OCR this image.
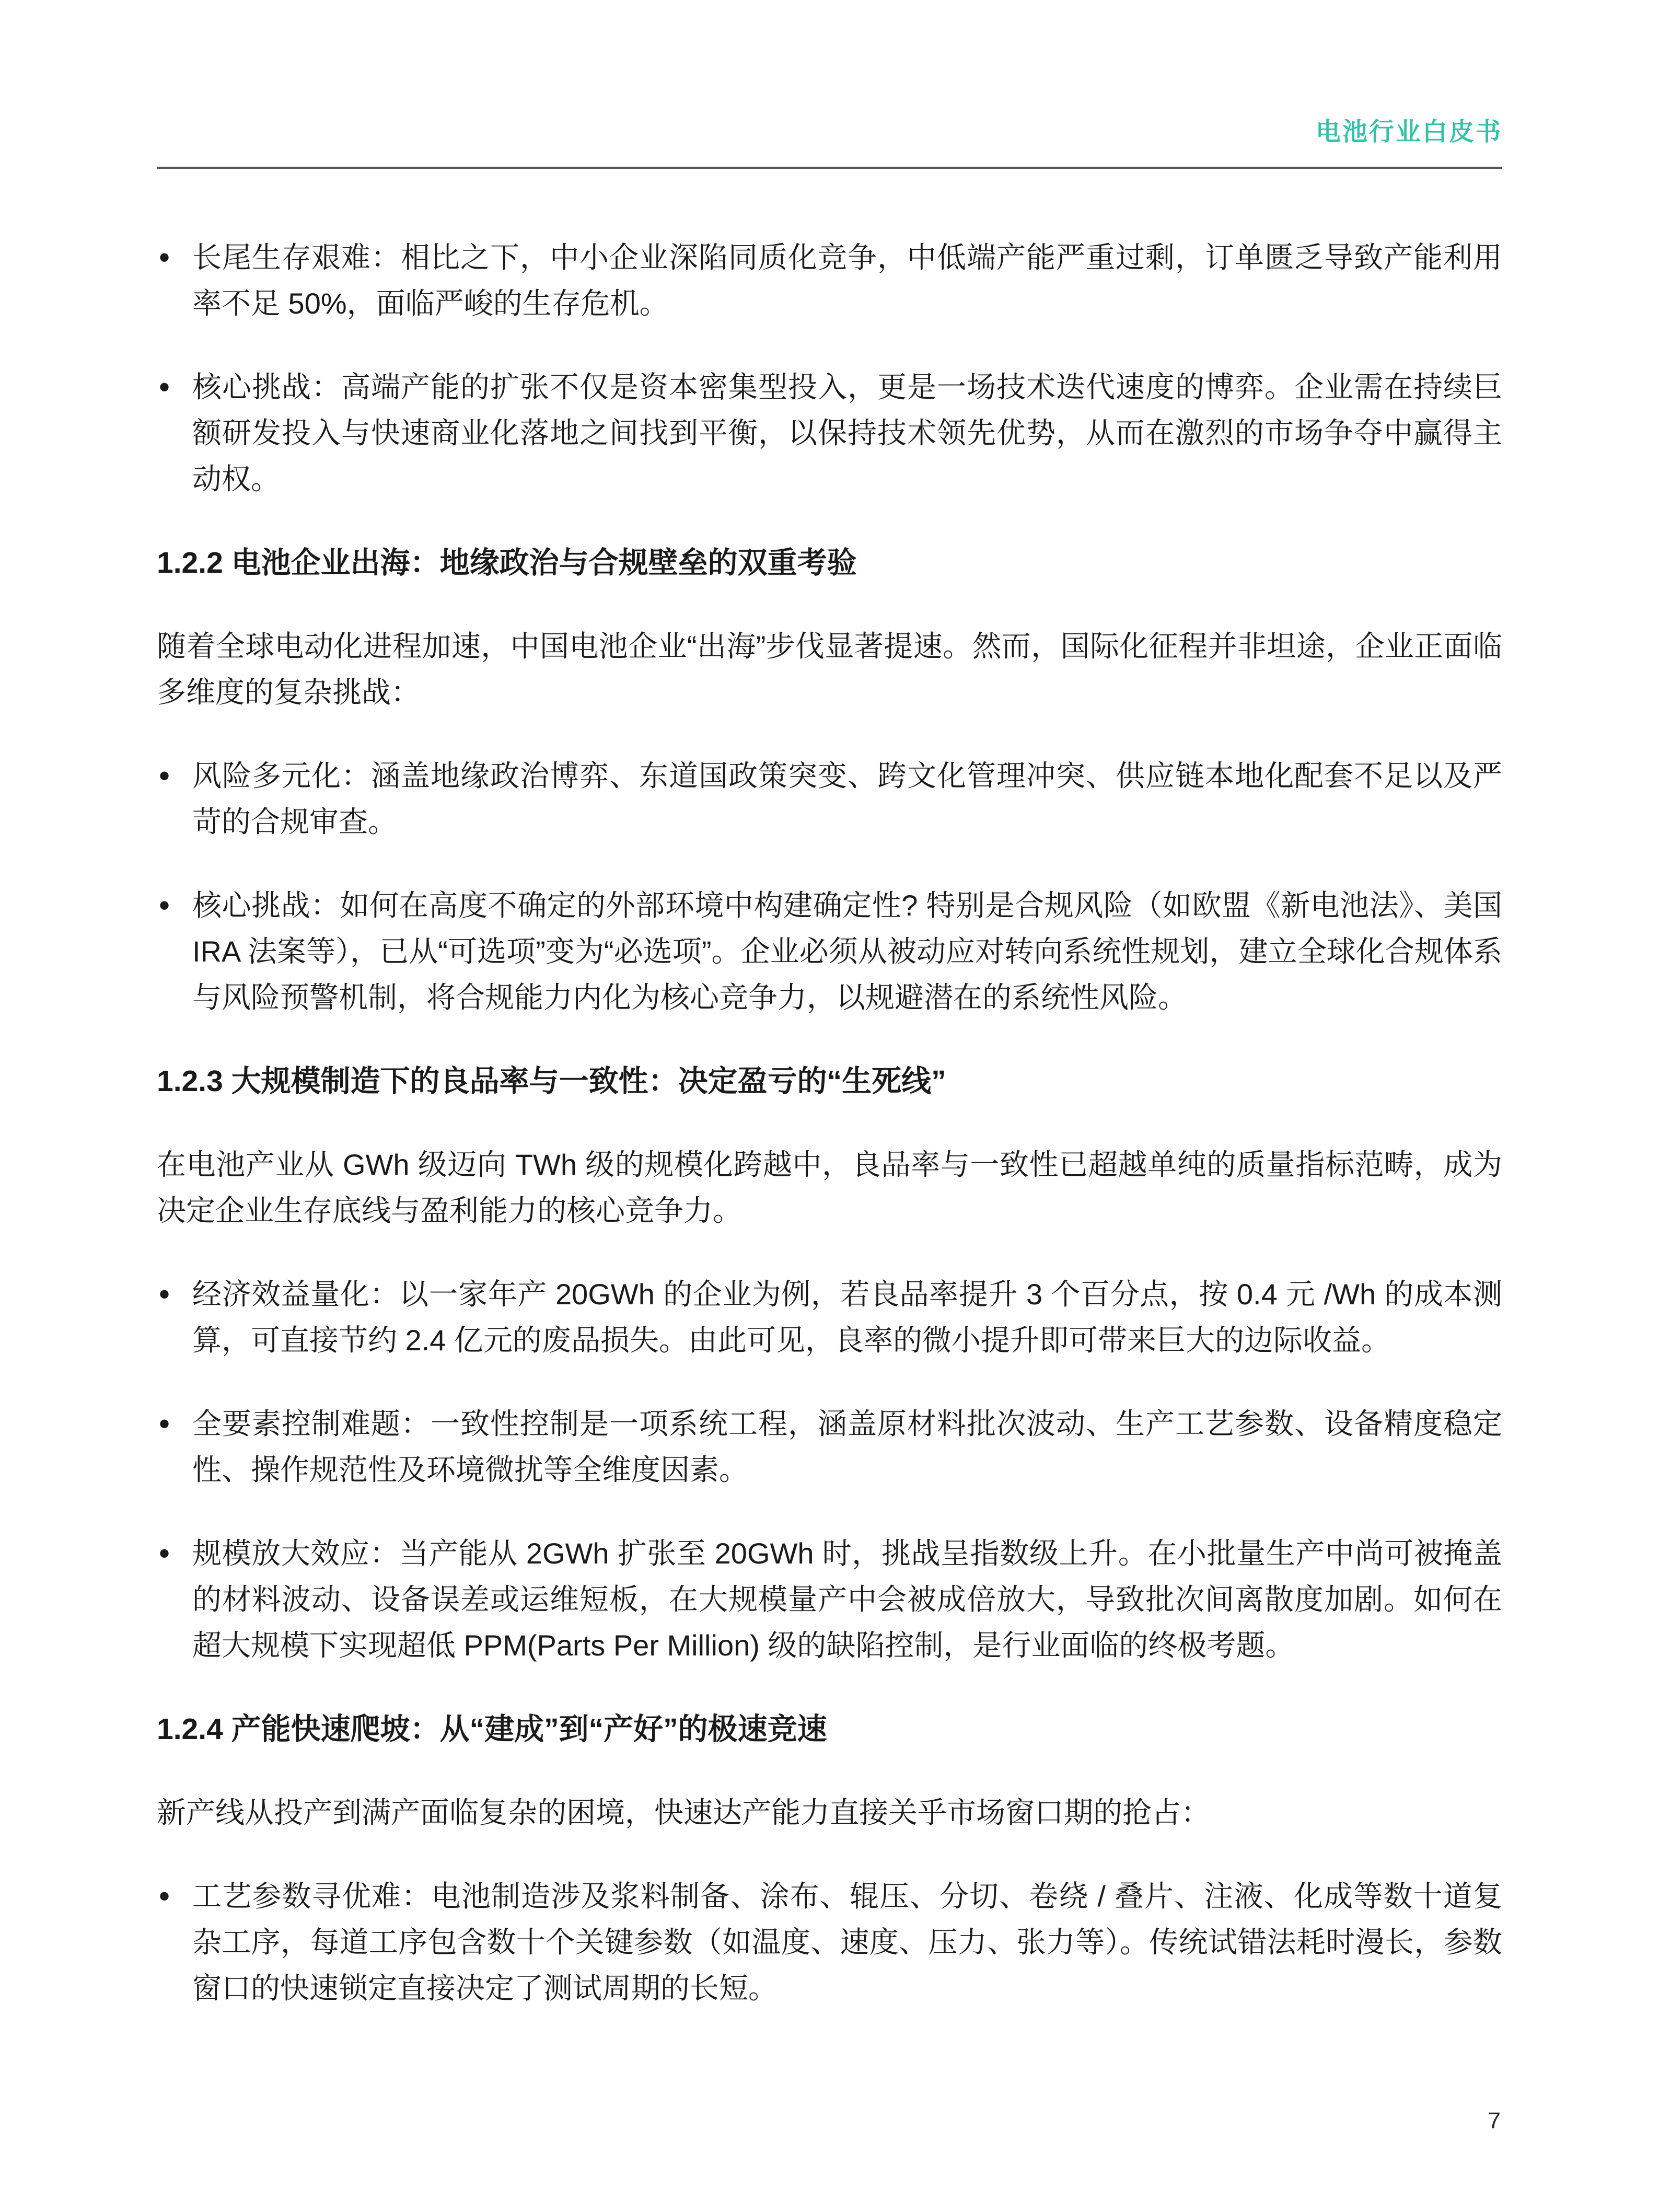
电池行业白皮书
• 长尾生存艰难：相比之下，中小企业深陷同质化竞争，中低端产能严重过剩，订单匮乏导致产能利用率不足 50%，面临严峻的生存危机。
• 核心挑战：高端产能的扩张不仅是资本密集型投入，更是一场技术迭代速度的博弈。企业需在持续巨额研发投入与快速商业化落地之间找到平衡，以保持技术领先优势，从而在激烈的市场争夺中赢得主动权。
1.2.2 电池企业出海：地缘政治与合规壁垒的双重考验

随着全球电动化进程加速，中国电池企业“出海”步伐显著提速。然而，国际化征程并非坦途，企业正面临多维度的复杂挑战：

• 风险多元化：涵盖地缘政治博弈、东道国政策突变、跨文化管理冲突、供应链本地化配套不足以及严苛的合规审查。
• 核心挑战：如何在高度不确定的外部环境中构建确定性? 特别是合规风险（如欧盟《新电池法》、美国 IRA 法案等），已从“可选项”变为“必选项”。企业必须从被动应对转向系统性规划，建立全球化合规体系与风险预警机制，将合规能力内化为核心竞争力，以规避潜在的系统性风险。
1.2.3 大规模制造下的良品率与一致性：决定盈亏的“生死线”

在电池产业从 GWh 级迈向 TWh 级的规模化跨越中，良品率与一致性已超越单纯的质量指标范畴，成为决定企业生存底线与盈利能力的核心竞争力。

• 经济效益量化：以一家年产 20GWh 的企业为例，若良品率提升 3 个百分点，按 0.4 元 /Wh 的成本测算，可直接节约 2.4 亿元的废品损失。由此可见，良率的微小提升即可带来巨大的边际收益。
• 全要素控制难题：一致性控制是一项系统工程，涵盖原材料批次波动、生产工艺参数、设备精度稳定性、操作规范性及环境微扰等全维度因素。
• 规模放大效应：当产能从 2GWh 扩张至 20GWh 时，挑战呈指数级上升。在小批量生产中尚可被掩盖的材料波动、设备误差或运维短板，在大规模量产中会被成倍放大，导致批次间离散度加剧。如何在超大规模下实现超低 PPM(Parts Per Million) 级的缺陷控制，是行业面临的终极考题。
1.2.4 产能快速爬坡：从“建成”到“产好”的极速竞速

新产线从投产到满产面临复杂的困境，快速达产能力直接关乎市场窗口期的抢占：

• 工艺参数寻优难：电池制造涉及浆料制备、涂布、辊压、分切、卷绕 / 叠片、注液、化成等数十道复杂工序，每道工序包含数十个关键参数（如温度、速度、压力、张力等）。传统试错法耗时漫长，参数窗口的快速锁定直接决定了测试周期的长短。
7
